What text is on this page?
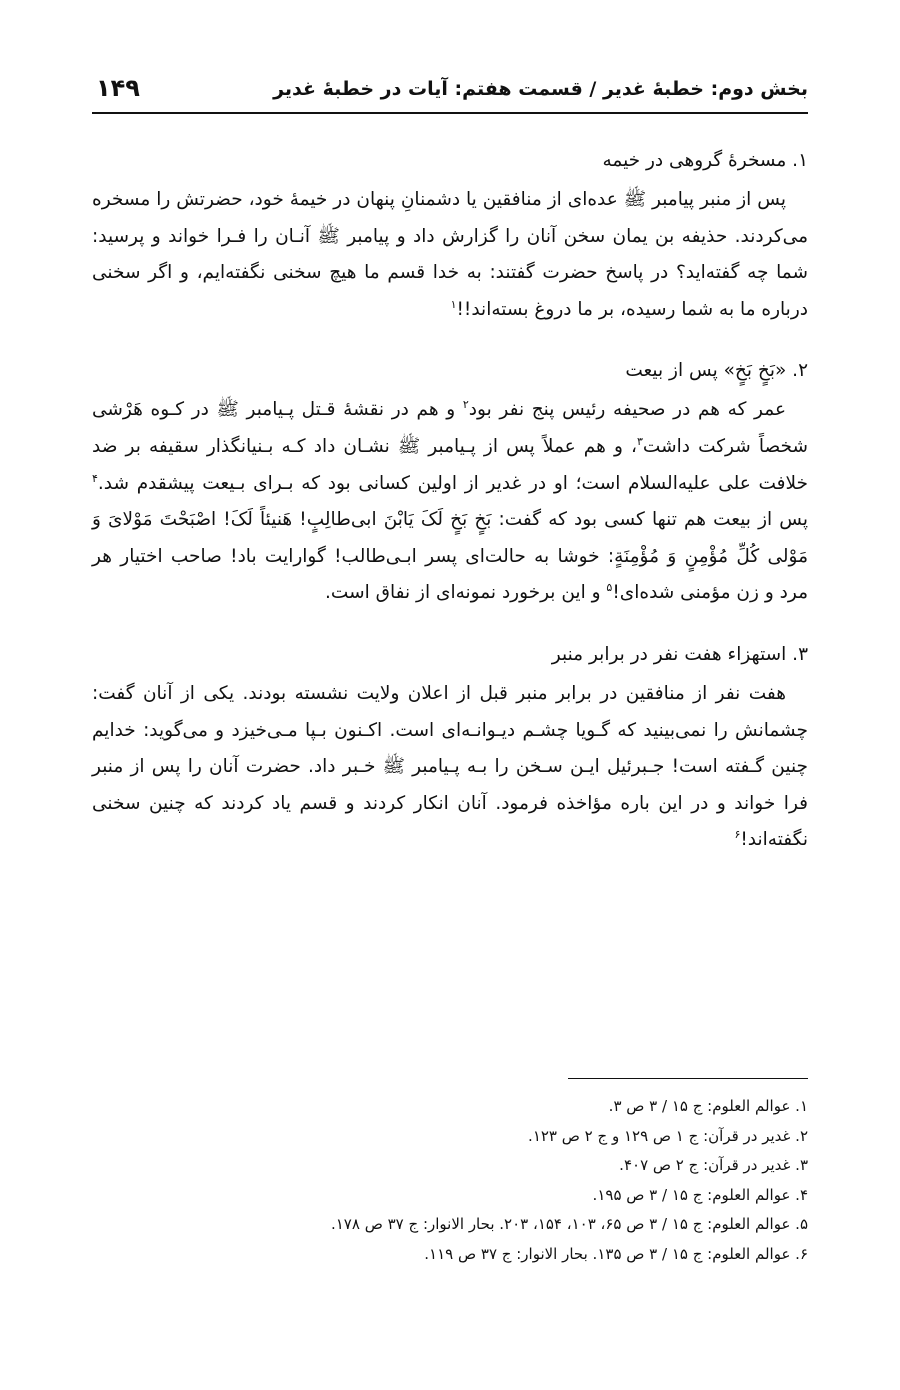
بخش دوم: خطبهٔ غدیر / قسمت هفتم: آیات در خطبهٔ غدیر
۱۴۹
۱. مسخرهٔ گروهی در خیمه

پس از منبر پیامبر ﷺ عده‌ای از منافقین یا دشمنانِ پنهان در خیمهٔ خود، حضرتش را مسخره می‌کردند. حذیفه بن یمان سخن آنان را گزارش داد و پیامبر ﷺ آنـان را فـرا خواند و پرسید: شما چه گفته‌اید؟ در پاسخ حضرت گفتند: به خدا قسم ما هیچ سخنی نگفته‌ایم، و اگر سخنی درباره ما به شما رسیده، بر ما دروغ بسته‌اند!!$^۱$

۲. «بَخٍ بَخٍ» پس از بیعت

عمر که هم در صحیفه رئیس پنج نفر بود$^۲$ و هم در نقشهٔ قـتل پـیامبر ﷺ در کـوه هَرْشی شخصاً شرکت داشت$^۳$، و هم عملاً پس از پـیامبر ﷺ نشـان داد کـه بـنیانگذار سقیفه بر ضد خلافت علی علیه‌السلام است؛ او در غدیر از اولین کسانی بود که بـرای بـیعت پیشقدم شد.$^۴$ پس از بیعت هم تنها کسی بود که گفت: بَخٍ بَخٍ لَکَ یَابْنَ ابی‌طالِبٍ! هَنیئاً لَکَ! اصْبَحْتَ مَوْلایَ وَ مَوْلی کُلِّ مُؤْمِنٍ وَ مُؤْمِنَةٍ: خوشا به حالت‌ای پسر ابـی‌طالب! گوارایت باد! صاحب اختیار هر مرد و زن مؤمنی شده‌ای!$^۵$ و این برخورد نمونه‌ای از نفاق است.

۳. استهزاء هفت نفر در برابر منبر

هفت نفر از منافقین در برابر منبر قبل از اعلان ولایت نشسته بودند. یکی از آنان گفت: چشمانش را نمی‌بینید که گـویا چشـم دیـوانـه‌ای است. اکـنون بـپا مـی‌خیزد و می‌گوید: خدایم چنین گـفته است! جـبرئیل ایـن سـخن را بـه پـیامبر ﷺ خـبر داد. حضرت آنان را پس از منبر فرا خواند و در این باره مؤاخذه فرمود. آنان انکار کردند و قسم یاد کردند که چنین سخنی نگفته‌اند!$^۶$

۱. عوالم العلوم: ج ۱۵ / ۳ ص ۳.
۲. غدیر در قرآن: ج ۱ ص ۱۲۹ و ج ۲ ص ۱۲۳.
۳. غدیر در قرآن: ج ۲ ص ۴۰۷.
۴. عوالم العلوم: ج ۱۵ / ۳ ص ۱۹۵.
۵. عوالم العلوم: ج ۱۵ / ۳ ص ۶۵، ۱۰۳، ۱۵۴، ۲۰۳. بحار الانوار: ج ۳۷ ص ۱۷۸.
۶. عوالم العلوم: ج ۱۵ / ۳ ص ۱۳۵. بحار الانوار: ج ۳۷ ص ۱۱۹.
